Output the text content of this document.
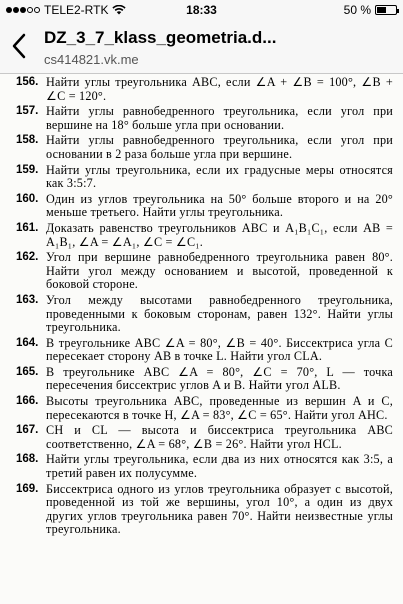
TELE2-RTK	18:33	50 %
DZ_3_7_klass_geometria.d...
cs414821.vk.me
156. Найти углы треугольника ABC, если ∠A + ∠B = 100°, ∠B + ∠C = 120°.
157. Найти углы равнобедренного треугольника, если угол при вершине на 18° больше угла при основании.
158. Найти углы равнобедренного треугольника, если угол при основании в 2 раза больше угла при вершине.
159. Найти углы треугольника, если их градусные меры относятся как 3:5:7.
160. Один из углов треугольника на 50° больше второго и на 20° меньше третьего. Найти углы треугольника.
161. Доказать равенство треугольников ABC и A₁B₁C₁, если AB = A₁B₁, ∠A = ∠A₁, ∠C = ∠C₁.
162. Угол при вершине равнобедренного треугольника равен 80°. Найти угол между основанием и высотой, проведенной к боковой стороне.
163. Угол между высотами равнобедренного треугольника, проведенными к боковым сторонам, равен 132°. Найти углы треугольника.
164. В треугольнике ABC ∠A = 80°, ∠B = 40°. Биссектриса угла C пересекает сторону AB в точке L. Найти угол CLA.
165. В треугольнике ABC ∠A = 80°, ∠C = 70°, L — точка пересечения биссектрис углов A и B. Найти угол ALB.
166. Высоты треугольника ABC, проведенные из вершин A и C, пересекаются в точке H, ∠A = 83°, ∠C = 65°. Найти угол AHC.
167. CH и CL — высота и биссектриса треугольника ABC соответственно, ∠A = 68°, ∠B = 26°. Найти угол HCL.
168. Найти углы треугольника, если два из них относятся как 3:5, а третий равен их полусумме.
169. Биссектриса одного из углов треугольника образует с высотой, проведенной из той же вершины, угол 10°, а один из двух других углов треугольника равен 70°. Найти неизвестные углы треугольника.
